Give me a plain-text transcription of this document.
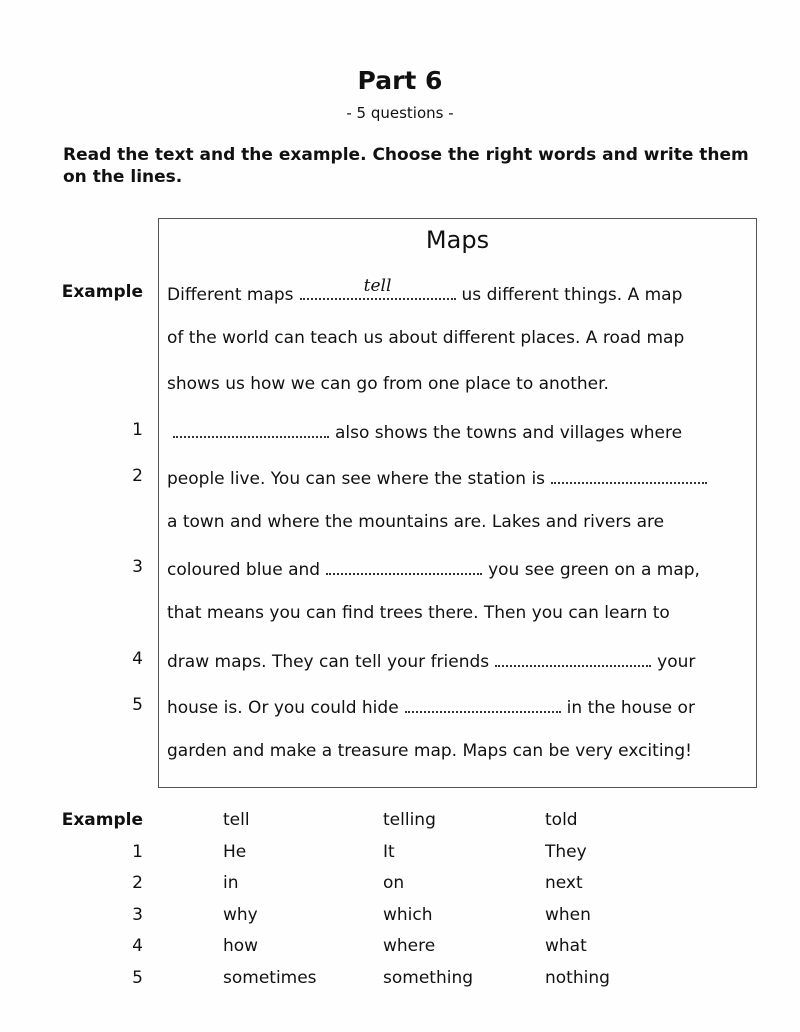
Part 6
- 5 questions -
Read the text and the example. Choose the right words and write them on the lines.
Maps
Example Different maps	tell	us different things. A map
of the world can teach us about different places. A road map
shows us how we can go from one place to another.
1	also shows the towns and villages where
2 people live. You can see where the station is
a town and where the mountains are. Lakes and rivers are
3 coloured blue and	you see green on a map,
that means you can find trees there. Then you can learn to
4 draw maps. They can tell your friends	your
5 house is. Or you could hide	in the house or
garden and make a treasure map. Maps can be very exciting!
Example	tell	telling	told
1	He	It	They
2	in	on	next
3	why	which	when
4	how	where	what
5	sometimes	something	nothing
